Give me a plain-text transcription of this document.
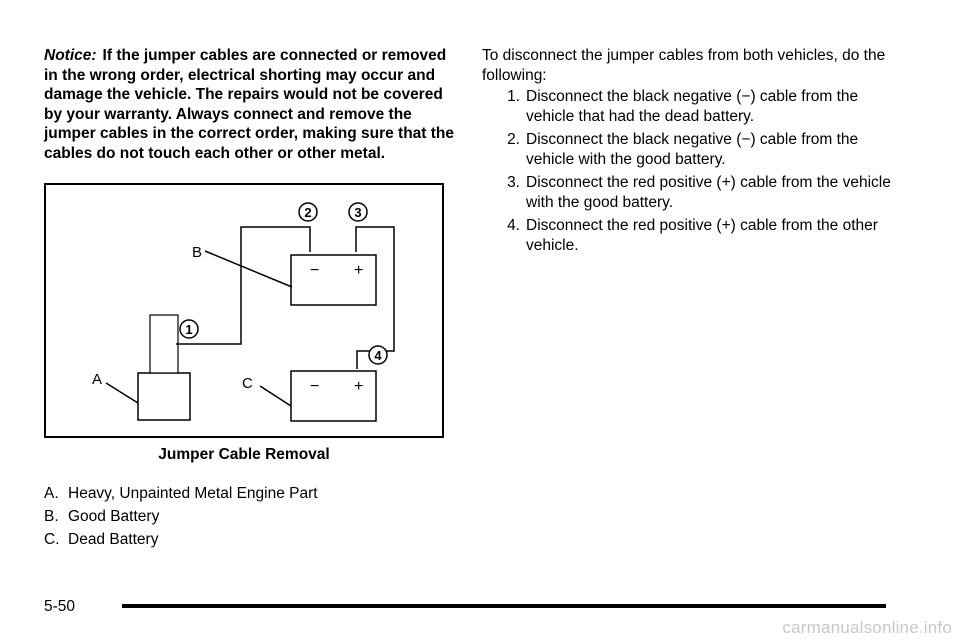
Notice: If the jumper cables are connected or removed in the wrong order, electrical shorting may occur and damage the vehicle. The repairs would not be covered by your warranty. Always connect and remove the jumper cables in the correct order, making sure that the cables do not touch each other or other metal.
− +
− +
B
A	C
1
2	3
4
Jumper Cable Removal
A. Heavy, Unpainted Metal Engine Part
B. Good Battery
C. Dead Battery
To disconnect the jumper cables from both vehicles, do the following:
1. Disconnect the black negative (−) cable from the vehicle that had the dead battery.
2. Disconnect the black negative (−) cable from the vehicle with the good battery.
3. Disconnect the red positive (+) cable from the vehicle with the good battery.
4. Disconnect the red positive (+) cable from the other vehicle.
5-50
carmanualsonline.info
